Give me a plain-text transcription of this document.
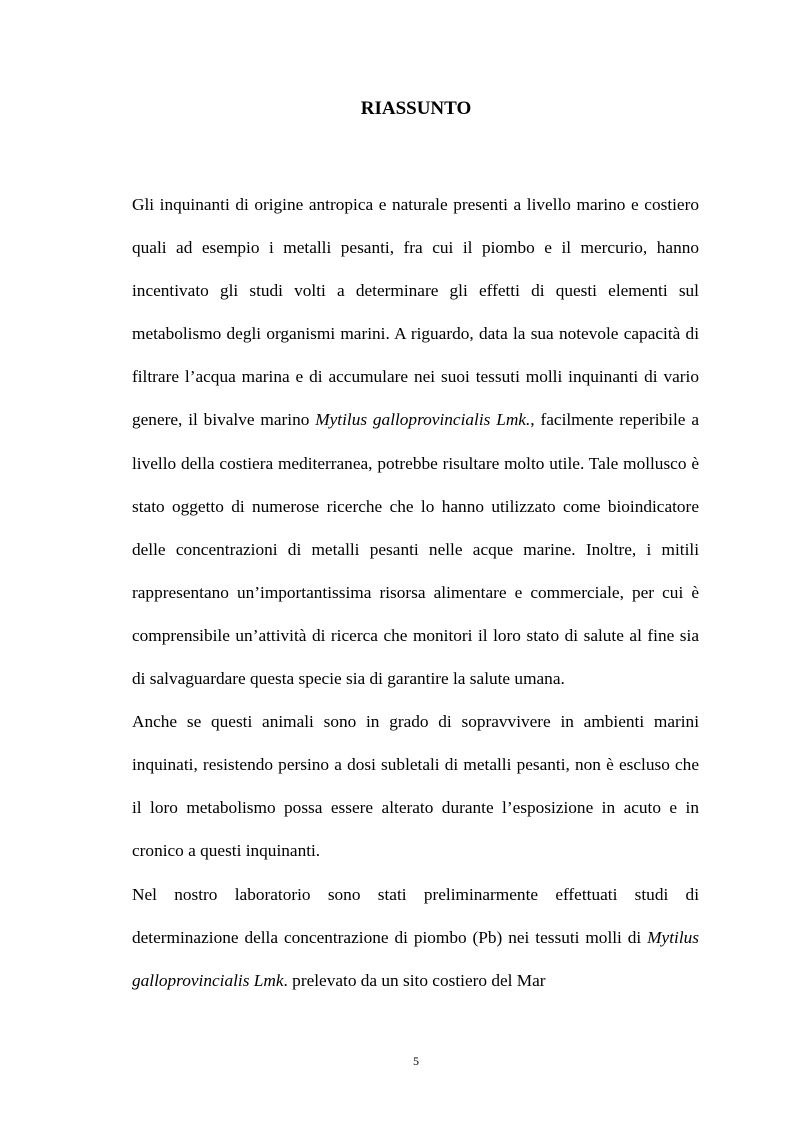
RIASSUNTO

Gli inquinanti di origine antropica e naturale presenti a livello marino e costiero quali ad esempio i metalli pesanti, fra cui il piombo e il mercurio, hanno incentivato gli studi volti a determinare gli effetti di questi elementi sul metabolismo degli organismi marini. A riguardo, data la sua notevole capacità di filtrare l’acqua marina e di accumulare nei suoi tessuti molli inquinanti di vario genere, il bivalve marino Mytilus galloprovincialis Lmk., facilmente reperibile a livello della costiera mediterranea, potrebbe risultare molto utile. Tale mollusco è stato oggetto di numerose ricerche che lo hanno utilizzato come bioindicatore delle concentrazioni di metalli pesanti nelle acque marine. Inoltre, i mitili rappresentano un’importantissima risorsa alimentare e commerciale, per cui è comprensibile un’attività di ricerca che monitori il loro stato di salute al fine sia di salvaguardare questa specie sia di garantire la salute umana.

Anche se questi animali sono in grado di sopravvivere in ambienti marini inquinati, resistendo persino a dosi subletali di metalli pesanti, non è escluso che il loro metabolismo possa essere alterato durante l’esposizione in acuto e in cronico a questi inquinanti.

Nel nostro laboratorio sono stati preliminarmente effettuati studi di determinazione della concentrazione di piombo (Pb) nei tessuti molli di Mytilus galloprovincialis Lmk. prelevato da un sito costiero del Mar

5
